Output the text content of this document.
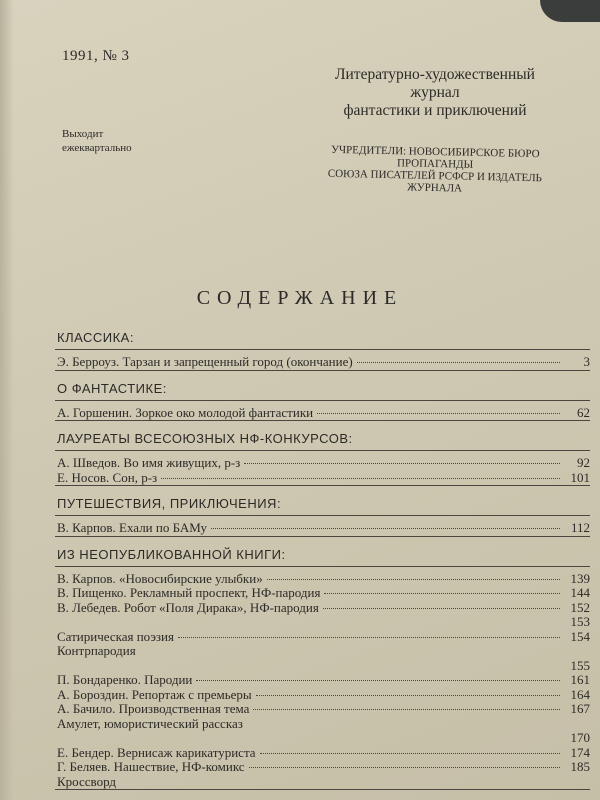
1991, № 3
Выходит
ежеквартально
Литературно-художественный
журнал
фантастики и приключений
УЧРЕДИТЕЛИ: НОВОСИБИРСКОЕ БЮРО
ПРОПАГАНДЫ
СОЮЗА ПИСАТЕЛЕЙ РСФСР И ИЗДАТЕЛЬ
ЖУРНАЛА
СОДЕРЖАНИЕ
КЛАССИКА:
Э. Берроуз. Тарзан и запрещенный город (окончание)	3
О ФАНТАСТИКЕ:
А. Горшенин. Зоркое око молодой фантастики	62
ЛАУРЕАТЫ ВСЕСОЮЗНЫХ НФ-КОНКУРСОВ:
А. Шведов. Во имя живущих, р-з	92
Е. Носов. Сон, р-з	101
ПУТЕШЕСТВИЯ, ПРИКЛЮЧЕНИЯ:
В. Карпов. Ехали по БАМу	112
ИЗ НЕОПУБЛИКОВАННОЙ КНИГИ:
В. Карпов. «Новосибирские улыбки»	139
В. Пищенко. Рекламный проспект, НФ-пародия	144
В. Лебедев. Робот «Поля Дирака», НФ-пародия	152
153
Сатирическая поэзия	154
Контрпародия
155
П. Бондаренко. Пародии	161
А. Бороздин. Репортаж с премьеры	164
А. Бачило. Производственная тема	167
Амулет, юмористический рассказ
170
Е. Бендер. Вернисаж карикатуриста	174
Г. Беляев. Нашествие, НФ-комикс	185
Кроссворд
